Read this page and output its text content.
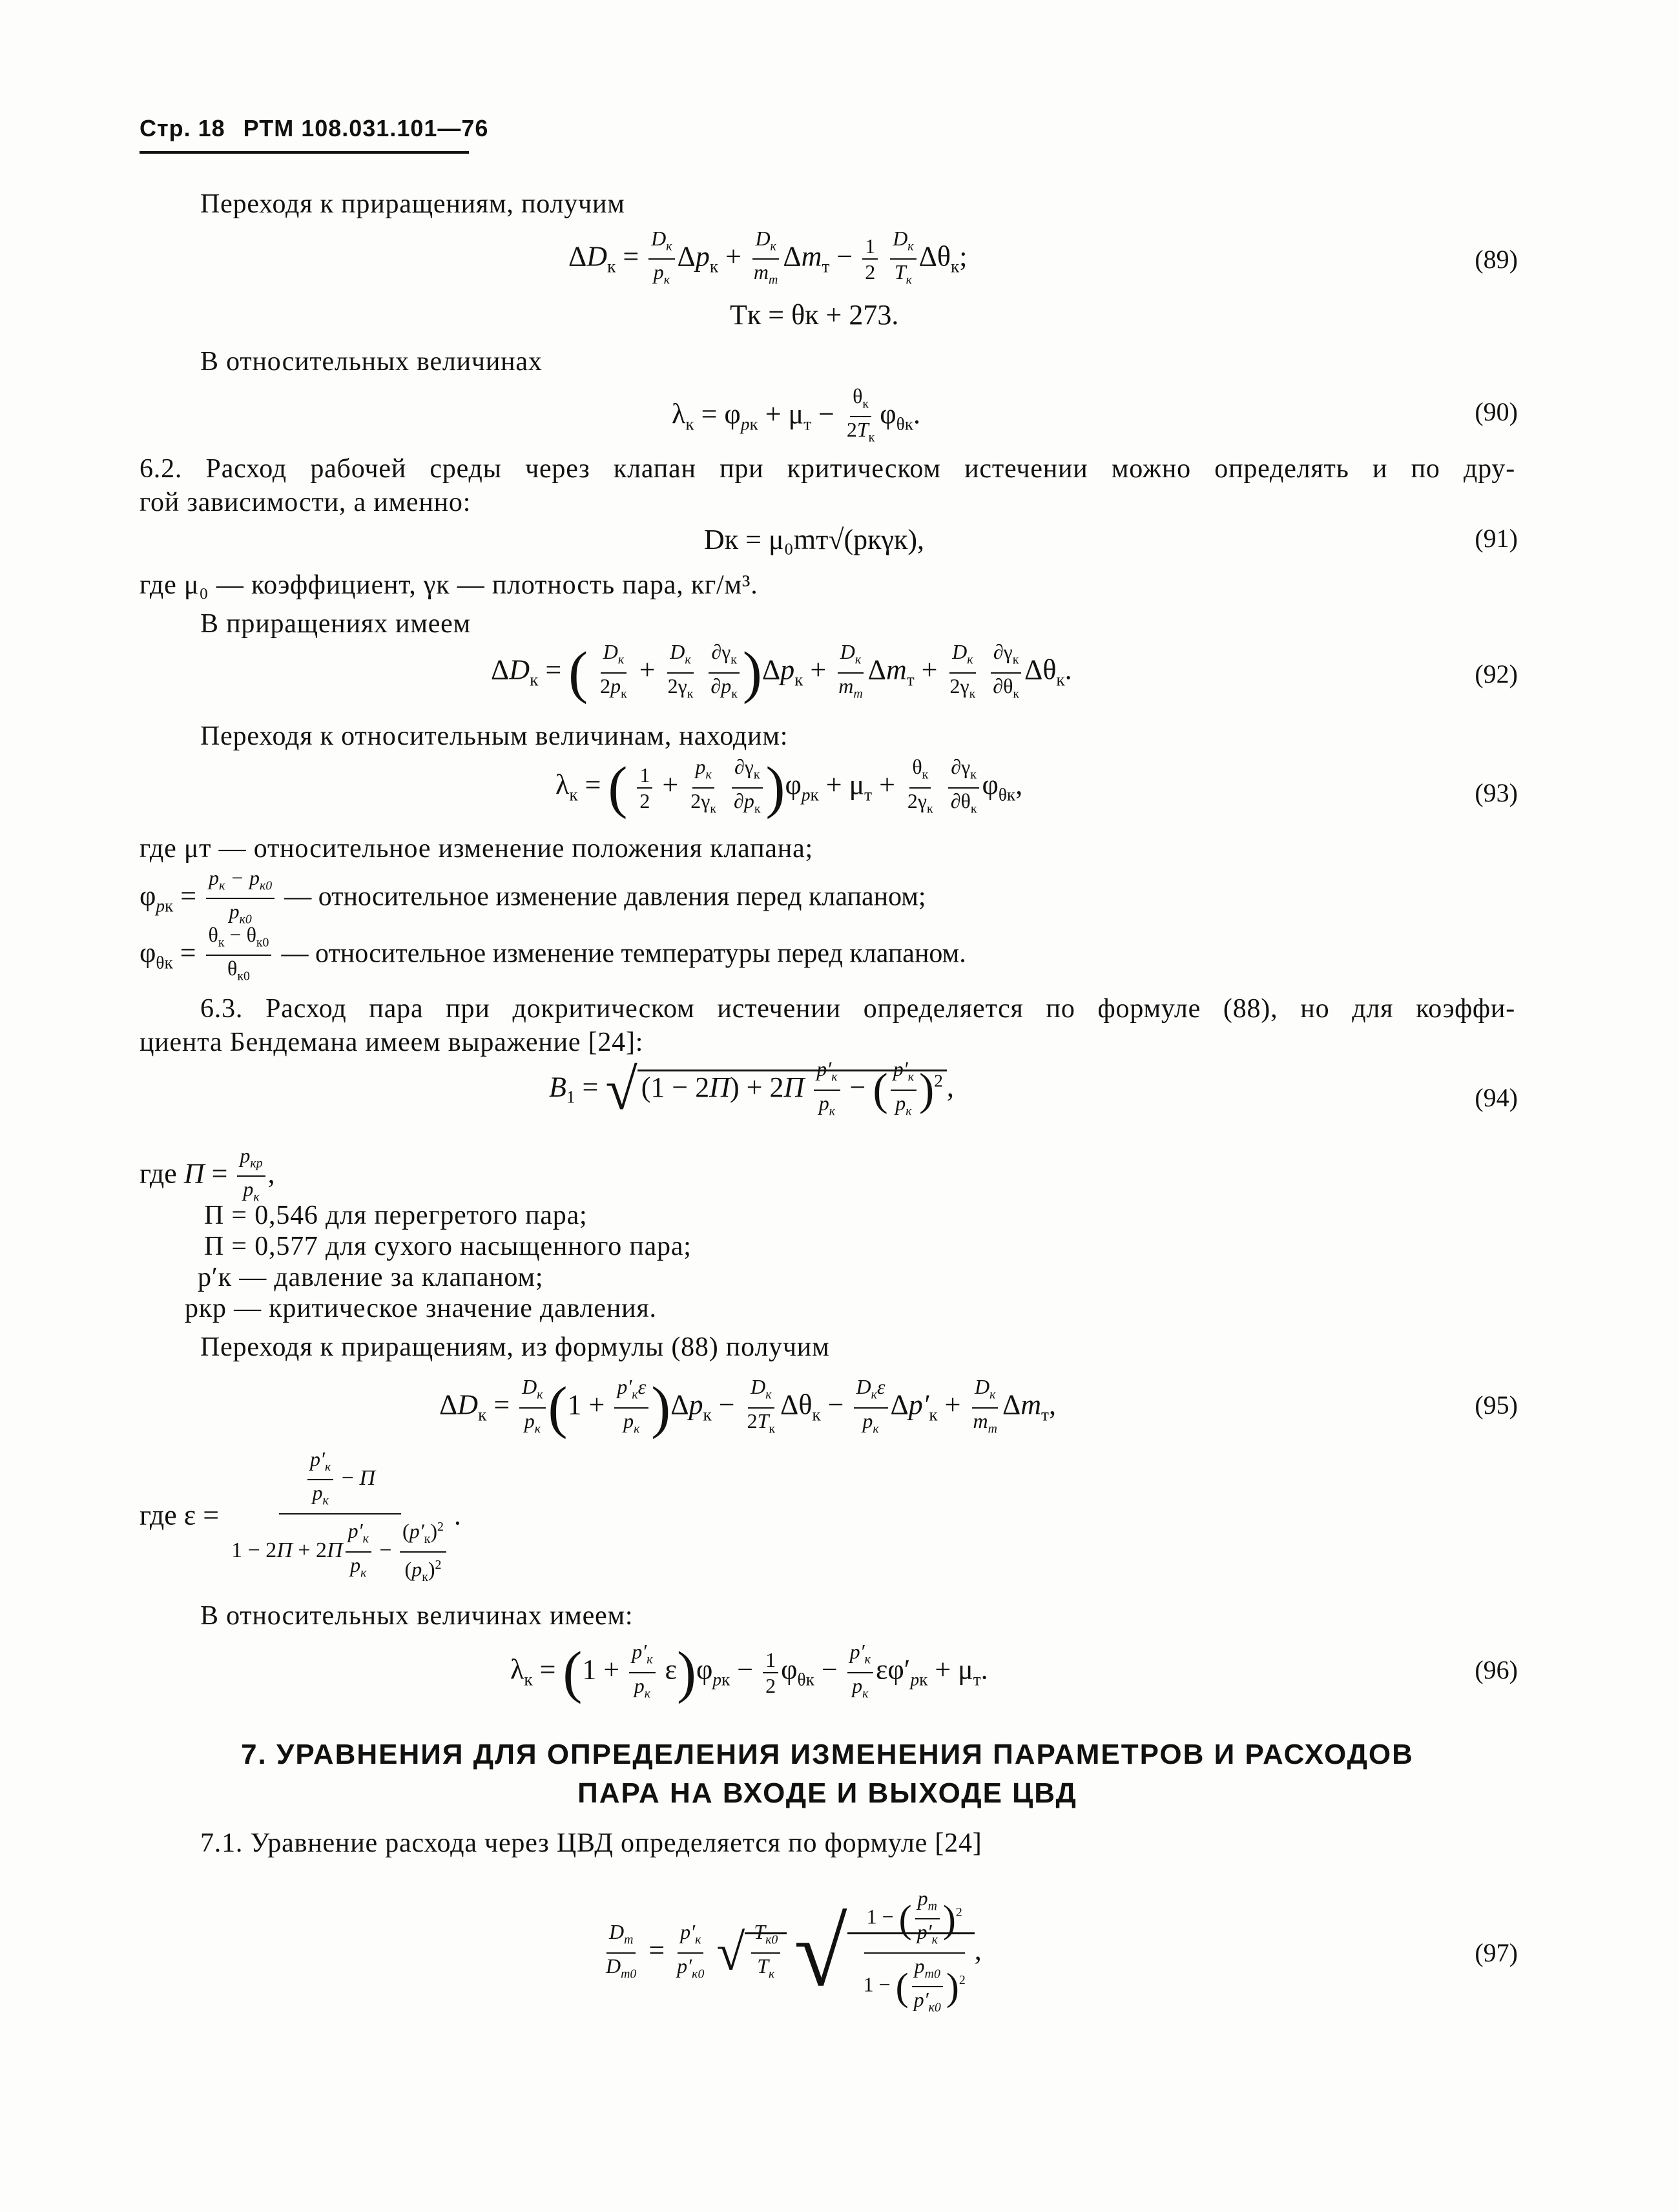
Стр. 18 РТМ 108.031.101—76
Переходя к приращениям, получим
$\Delta D_к = \frac{D_к}{p_к} \Delta p_к + \frac{D_к}{m_т} \Delta m_т - \frac{1}{2}$
$\frac{D_к}{T_к} \Delta\theta_к$;	(89)
Tк = θк + 273.
В относительных величинах
$\lambda_к = \varphi_{pк} + \mu_т - \frac{\theta_к}{2T_к} \varphi_{\theta к}$.	(90)
6.2. Расход рабочей среды через клапан при критическом истечении можно определять и по дру-
гой зависимости, а именно:
Dк = μ₀mт√(pкγк),	(91)
где μ₀ — коэффициент, γк — плотность пара, кг/м³.
В приращениях имеем
$\Delta D_к$ = ( $\frac{D_к}{2p_к} + \frac{D_к}{2\gamma_к}$
$\frac{\partial\gamma_к}{\partial p_к} )\Delta p_к + \frac{D_к}{m_т} \Delta m_т + \frac{D_к}{2\gamma_к}$
$\frac{\partial\gamma_к}{\partial\theta_к} \Delta\theta_к$.	(92)
Переходя к относительным величинам, находим:
$\lambda_к$ = ( $\frac{1}{2} + \frac{p_к}{2\gamma_к}$
$\frac{\partial\gamma_к}{\partial p_к} )\varphi_{pк} + \mu_т + \frac{\theta_к}{2\gamma_к}$
$\frac{\partial\gamma_к}{\partial\theta_к} \varphi_{\theta к}$,	(93)
где μт — относительное изменение положения клапана;
$\varphi_{pк} = \frac{p_к - p_{к0}}{p_{к0}}$ — относительное изменение давления перед клапаном;
$\varphi_{\theta к} = \frac{\theta_к - \theta_{к0}}{\theta_{к0}}$ — относительное изменение температуры перед клапаном.
6.3. Расход пара при докритическом истечении определяется по формуле (88), но для коэффи-
циента Бендемана имеем выражение [24]:
$B_1$ = √ $(1 - 2П) + 2П \frac{p'_к}{p_к}$ − ( $\frac{p'_к}{p_к} )^2$ ,	(94)
где $П = \frac{p_{кр}}{p_к}$ ,
П = 0,546 для перегретого пара;
П = 0,577 для сухого насыщенного пара;
p′к — давление за клапаном;
pкр — критическое значение давления.
Переходя к приращениям, из формулы (88) получим
$\Delta D_к = \frac{D_к}{p_к} (1 + \frac{p'_к\varepsilon}{p_к} )\Delta p_к - \frac{D_к}{2T_к} \Delta\theta_к - \frac{D_к\varepsilon}{p_к} \Delta p'_к + \frac{D_к}{m_т} \Delta m_т$,	(95)
где $\varepsilon = \frac{\frac{p'_к}{p_к} - П}{1 - 2П + 2П \frac{p'_к}{p_к} - \frac{(p'_к)^2}{(p_к)^2}}$ .
В относительных величинах имеем:
$\lambda_к = (1 + \frac{p'_к}{p_к} \varepsilon)\varphi_{pк} - \frac{1}{2} \varphi_{\theta к} - \frac{p'_к}{p_к} \varepsilon\varphi'_{pк} + \mu_т$.	(96)
7. УРАВНЕНИЯ ДЛЯ ОПРЕДЕЛЕНИЯ ИЗМЕНЕНИЯ ПАРАМЕТРОВ И РАСХОДОВ
ПАРА НА ВХОДЕ И ВЫХОДЕ ЦВД
7.1. Уравнение расхода через ЦВД определяется по формуле [24]
$\frac{D_т}{D_{т0}} = \frac{p'_к}{p'_{к0}}$ √ $\frac{T_{к0}}{T_к}$ √ $\frac{1 - ( \frac{p_т}{p'_к} )^2}{1 - ( \frac{p_{т0}}{p'_{к0}} )^2}$ ,	(97)
